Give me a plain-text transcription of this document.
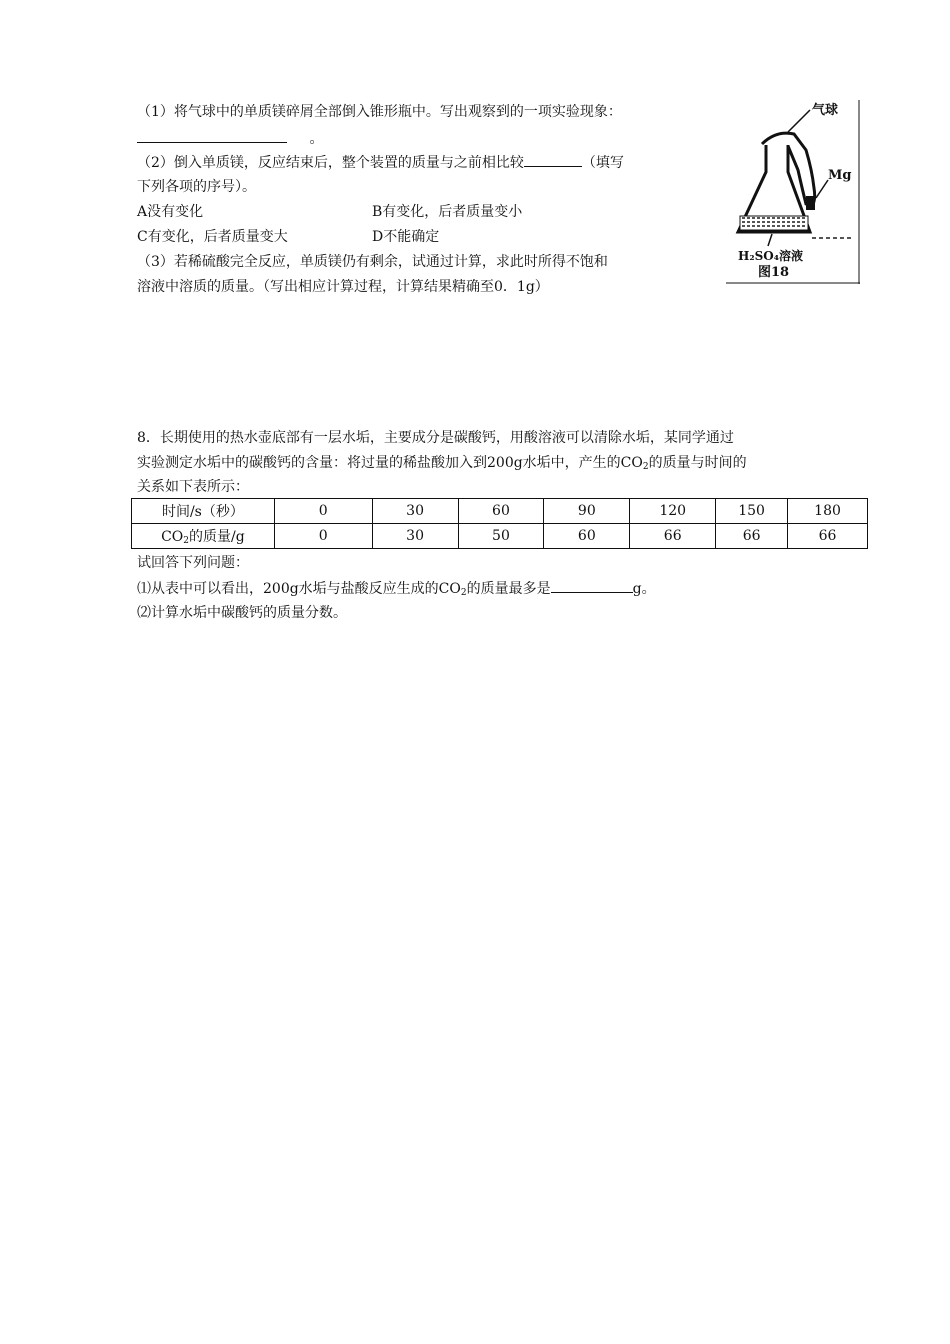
（1）将气球中的单质镁碎屑全部倒入锥形瓶中。写出观察到的一项实验现象：
。
（2）倒入单质镁，反应结束后，整个装置的质量与之前相比较	（填写
下列各项的序号）。
A没有变化	B有变化，后者质量变小
C有变化，后者质量变大	D不能确定
（3）若稀硫酸完全反应，单质镁仍有剩余，试通过计算，求此时所得不饱和
溶液中溶质的质量。（写出相应计算过程，计算结果精确至0．1g）
气球
Mg
H₂SO₄溶液
图18
8．长期使用的热水壶底部有一层水垢，主要成分是碳酸钙，用酸溶液可以清除水垢，某同学通过
实验测定水垢中的碳酸钙的含量：将过量的稀盐酸加入到200g水垢中，产生的$CO_2$的质量与时间的
关系如下表所示：
时间/s（秒）	0	30	60	90	120	150	180
$CO_2$的质量/g	0	30	50	60	66	66	66
试回答下列问题：
⑴从表中可以看出，200g水垢与盐酸反应生成的$CO_2$的质量最多是	g。
⑵计算水垢中碳酸钙的质量分数。
